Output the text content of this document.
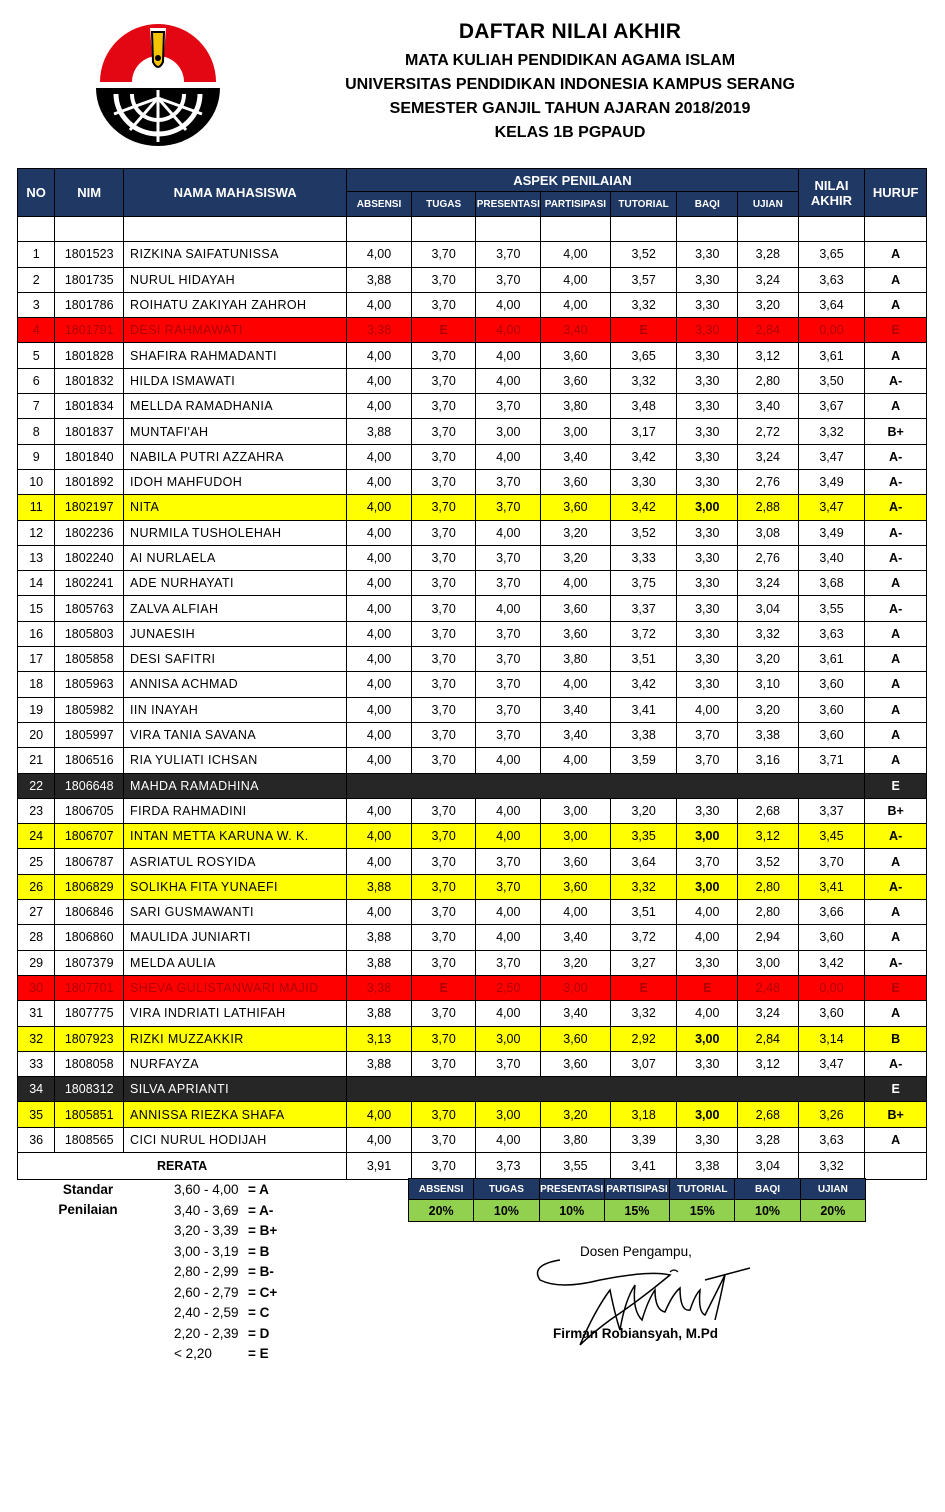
DAFTAR NILAI AKHIR
MATA KULIAH PENDIDIKAN AGAMA ISLAM
UNIVERSITAS PENDIDIKAN INDONESIA KAMPUS SERANG
SEMESTER GANJIL TAHUN AJARAN 2018/2019
KELAS 1B PGPAUD
NO	NIM	NAMA MAHASISWA	ASPEK PENILAIAN							NILAI
AKHIR	HURUF
			ABSENSI	TUGAS	PRESENTASI	PARTISIPASI	TUTORIAL	BAQI	UJIAN		

1	1801523	RIZKINA SAIFATUNISSA	4,00	3,70	3,70	4,00	3,52	3,30	3,28	3,65	A
2	1801735	NURUL HIDAYAH	3,88	3,70	3,70	4,00	3,57	3,30	3,24	3,63	A
3	1801786	ROIHATU ZAKIYAH ZAHROH	4,00	3,70	4,00	4,00	3,32	3,30	3,20	3,64	A
4	1801791	DESI RAHMAWATI	3,38	E	4,00	3,40	E	3,30	2,84	0,00	E
5	1801828	SHAFIRA RAHMADANTI	4,00	3,70	4,00	3,60	3,65	3,30	3,12	3,61	A
6	1801832	HILDA ISMAWATI	4,00	3,70	4,00	3,60	3,32	3,30	2,80	3,50	A-
7	1801834	MELLDA RAMADHANIA	4,00	3,70	3,70	3,80	3,48	3,30	3,40	3,67	A
8	1801837	MUNTAFI'AH	3,88	3,70	3,00	3,00	3,17	3,30	2,72	3,32	B+
9	1801840	NABILA PUTRI AZZAHRA	4,00	3,70	4,00	3,40	3,42	3,30	3,24	3,47	A-
10	1801892	IDOH MAHFUDOH	4,00	3,70	3,70	3,60	3,30	3,30	2,76	3,49	A-
11	1802197	NITA	4,00	3,70	3,70	3,60	3,42	3,00	2,88	3,47	A-
12	1802236	NURMILA TUSHOLEHAH	4,00	3,70	4,00	3,20	3,52	3,30	3,08	3,49	A-
13	1802240	AI NURLAELA	4,00	3,70	3,70	3,20	3,33	3,30	2,76	3,40	A-
14	1802241	ADE NURHAYATI	4,00	3,70	3,70	4,00	3,75	3,30	3,24	3,68	A
15	1805763	ZALVA ALFIAH	4,00	3,70	4,00	3,60	3,37	3,30	3,04	3,55	A-
16	1805803	JUNAESIH	4,00	3,70	3,70	3,60	3,72	3,30	3,32	3,63	A
17	1805858	DESI SAFITRI	4,00	3,70	3,70	3,80	3,51	3,30	3,20	3,61	A
18	1805963	ANNISA ACHMAD	4,00	3,70	3,70	4,00	3,42	3,30	3,10	3,60	A
19	1805982	IIN INAYAH	4,00	3,70	3,70	3,40	3,41	4,00	3,20	3,60	A
20	1805997	VIRA TANIA SAVANA	4,00	3,70	3,70	3,40	3,38	3,70	3,38	3,60	A
21	1806516	RIA YULIATI ICHSAN	4,00	3,70	4,00	4,00	3,59	3,70	3,16	3,71	A
22	1806648	MAHDA RAMADHINA									E
23	1806705	FIRDA RAHMADINI	4,00	3,70	4,00	3,00	3,20	3,30	2,68	3,37	B+
24	1806707	INTAN METTA KARUNA W. K.	4,00	3,70	4,00	3,00	3,35	3,00	3,12	3,45	A-
25	1806787	ASRIATUL ROSYIDA	4,00	3,70	3,70	3,60	3,64	3,70	3,52	3,70	A
26	1806829	SOLIKHA FITA YUNAEFI	3,88	3,70	3,70	3,60	3,32	3,00	2,80	3,41	A-
27	1806846	SARI GUSMAWANTI	4,00	3,70	4,00	4,00	3,51	4,00	2,80	3,66	A
28	1806860	MAULIDA JUNIARTI	3,88	3,70	4,00	3,40	3,72	4,00	2,94	3,60	A
29	1807379	MELDA AULIA	3,88	3,70	3,70	3,20	3,27	3,30	3,00	3,42	A-
30	1807701	SHEVA GULISTANWARI MAJID	3,38	E	2,50	3,00	E	E	2,48	0,00	E
31	1807775	VIRA INDRIATI LATHIFAH	3,88	3,70	4,00	3,40	3,32	4,00	3,24	3,60	A
32	1807923	RIZKI MUZZAKKIR	3,13	3,70	3,00	3,60	2,92	3,00	2,84	3,14	B
33	1808058	NURFAYZA	3,88	3,70	3,70	3,60	3,07	3,30	3,12	3,47	A-
34	1808312	SILVA APRIANTI									E
35	1805851	ANNISSA RIEZKA SHAFA	4,00	3,70	3,00	3,20	3,18	3,00	2,68	3,26	B+
36	1808565	CICI NURUL HODIJAH	4,00	3,70	4,00	3,80	3,39	3,30	3,28	3,63	A
RERATA			3,91	3,70	3,73	3,55	3,41	3,38	3,04	3,32	
Standar
Penilaian
3,60 - 4,00 = A
3,40 - 3,69 = A-
3,20 - 3,39 = B+
3,00 - 3,19 = B
2,80 - 2,99 = B-
2,60 - 2,79 = C+
2,40 - 2,59 = C
2,20 - 2,39 = D
< 2,20	= E
ABSENSI	TUGAS	PRESENTASI	PARTISIPASI	TUTORIAL	BAQI	UJIAN
20%	10%	10%	15%	15%	10%	20%
Dosen Pengampu,
Firman Robiansyah, M.Pd
